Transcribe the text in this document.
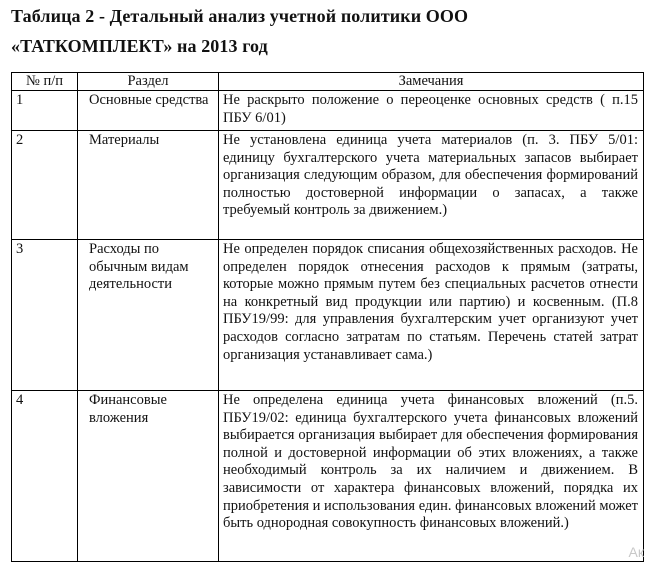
Таблица 2 - Детальный анализ учетной политики ООО
«ТАТКОМПЛЕКТ» на 2013 год
№ п/п	Раздел	Замечания
1	Основные средства	Не раскрыто положение о переоценке основных средств ( п.15 ПБУ 6/01)
2	Материалы	Не установлена единица учета материалов (п. 3. ПБУ 5/01: единицу бухгалтерского учета материальных запасов выбирает организация следующим образом, для обеспечения формирований полностью достоверной информации о запасах, а также требуемый контроль за движением.)
3	Расходы по обычным видам деятельности	Не определен порядок списания общехозяйственных расходов. Не определен порядок отнесения расходов к прямым (затраты, которые можно прямым путем без специальных расчетов отнести на конкретный вид продукции или партию) и косвенным. (П.8 ПБУ19/99: для управления бухгалтерским учет организуют учет расходов согласно затратам по статьям. Перечень статей затрат организация устанавливает сама.)
4	Финансовые вложения	Не определена единица учета финансовых вложений (п.5. ПБУ19/02: единица бухгалтерского учета финансовых вложений выбирается организация выбирает для обеспечения формирования полной и достоверной информации об этих вложениях, а также необходимый контроль за их наличием и движением. В зависимости от характера финансовых вложений, порядка их приобретения и использования един. финансовых вложений может быть однородная совокупность финансовых вложений.)
Ак
